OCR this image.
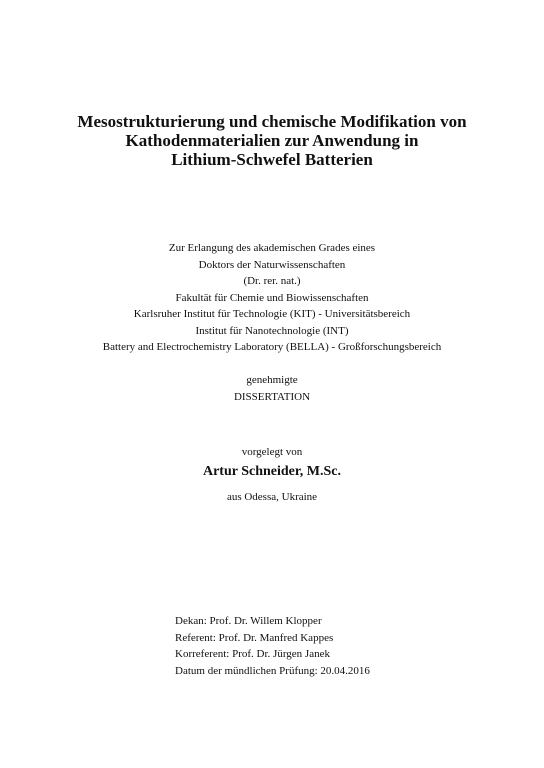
Mesostrukturierung und chemische Modifikation von
Kathodenmaterialien zur Anwendung in
Lithium-Schwefel Batterien
Zur Erlangung des akademischen Grades eines
Doktors der Naturwissenschaften
(Dr. rer. nat.)
Fakultät für Chemie und Biowissenschaften
Karlsruher Institut für Technologie (KIT) - Universitätsbereich
Institut für Nanotechnologie (INT)
Battery and Electrochemistry Laboratory (BELLA) - Großforschungsbereich
genehmigte
DISSERTATION
vorgelegt von
Artur Schneider, M.Sc.
aus Odessa, Ukraine
Dekan: Prof. Dr. Willem Klopper
Referent: Prof. Dr. Manfred Kappes
Korreferent: Prof. Dr. Jürgen Janek
Datum der mündlichen Prüfung: 20.04.2016
